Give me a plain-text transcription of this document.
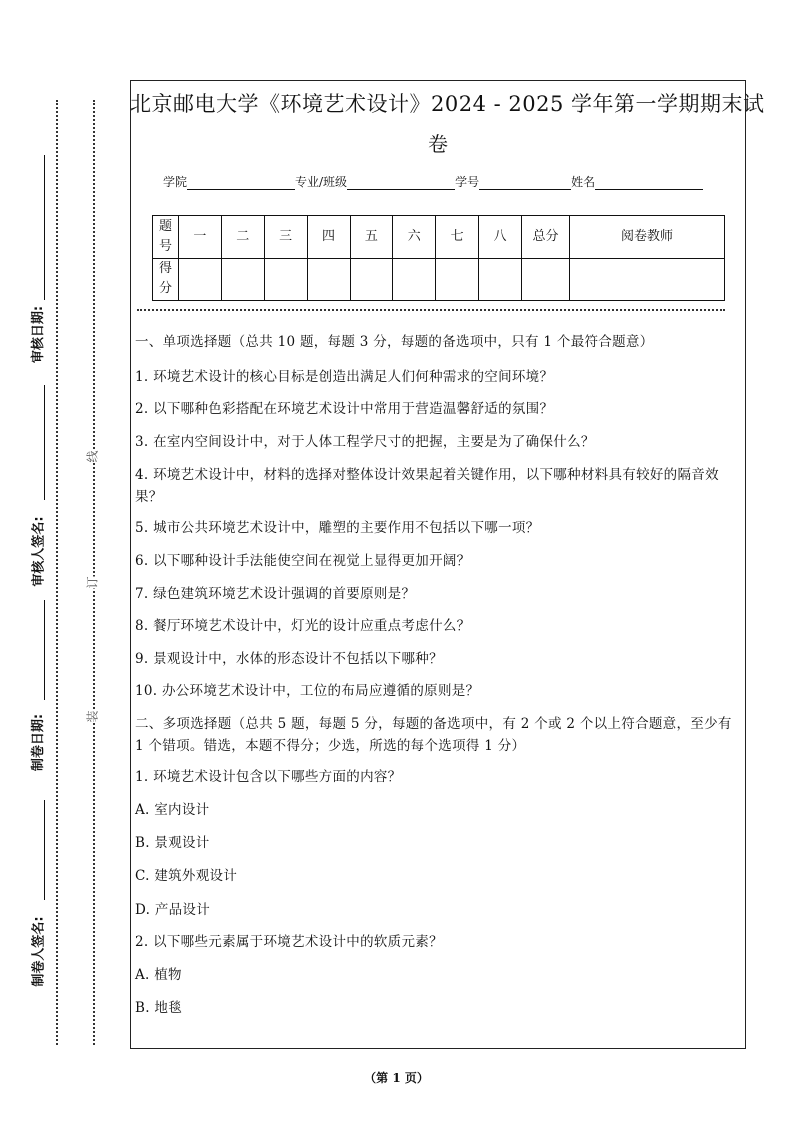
审核日期:
审核人签名:
制卷日期:
制卷人签名:
线
订
装
北京邮电大学《环境艺术设计》2024 - 2025 学年第一学期期末试
卷
学院	专业/班级	学号	姓名
题号	一	二	三	四	五	六	七	八	总分	阅卷教师
得分										
一、单项选择题（总共 10 题，每题 3 分，每题的备选项中，只有 1 个最符合题意）
1. 环境艺术设计的核心目标是创造出满足人们何种需求的空间环境？
2. 以下哪种色彩搭配在环境艺术设计中常用于营造温馨舒适的氛围？
3. 在室内空间设计中，对于人体工程学尺寸的把握，主要是为了确保什么？
4. 环境艺术设计中，材料的选择对整体设计效果起着关键作用，以下哪种材料具有较好的隔音效果？
5. 城市公共环境艺术设计中，雕塑的主要作用不包括以下哪一项？
6. 以下哪种设计手法能使空间在视觉上显得更加开阔？
7. 绿色建筑环境艺术设计强调的首要原则是？
8. 餐厅环境艺术设计中，灯光的设计应重点考虑什么？
9. 景观设计中，水体的形态设计不包括以下哪种？
10. 办公环境艺术设计中，工位的布局应遵循的原则是？
二、多项选择题（总共 5 题，每题 5 分，每题的备选项中，有 2 个或 2 个以上符合题意，至少有 1 个错项。错选，本题不得分；少选，所选的每个选项得 1 分）
1. 环境艺术设计包含以下哪些方面的内容？
A. 室内设计
B. 景观设计
C. 建筑外观设计
D. 产品设计
2. 以下哪些元素属于环境艺术设计中的软质元素？
A. 植物
B. 地毯
（第 1 页）
